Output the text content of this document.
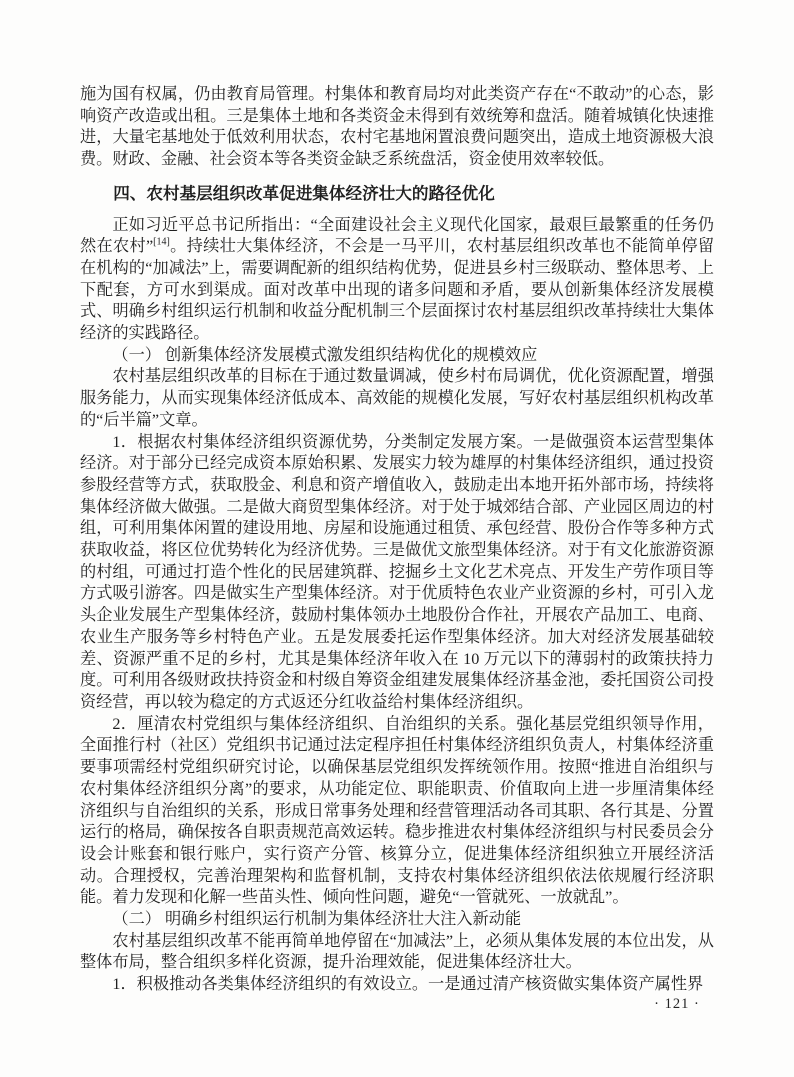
施为国有权属，仍由教育局管理。村集体和教育局均对此类资产存在“不敢动”的心态，影响资产改造或出租。三是集体土地和各类资金未得到有效统筹和盘活。随着城镇化快速推进，大量宅基地处于低效利用状态，农村宅基地闲置浪费问题突出，造成土地资源极大浪费。财政、金融、社会资本等各类资金缺乏系统盘活，资金使用效率较低。

四、农村基层组织改革促进集体经济壮大的路径优化

正如习近平总书记所指出：“全面建设社会主义现代化国家，最艰巨最繁重的任务仍然在农村”[14]。持续壮大集体经济，不会是一马平川，农村基层组织改革也不能简单停留在机构的“加减法”上，需要调配新的组织结构优势，促进县乡村三级联动、整体思考、上下配套，方可水到渠成。面对改革中出现的诸多问题和矛盾，要从创新集体经济发展模式、明确乡村组织运行机制和收益分配机制三个层面探讨农村基层组织改革持续壮大集体经济的实践路径。

（一） 创新集体经济发展模式激发组织结构优化的规模效应

农村基层组织改革的目标在于通过数量调减，使乡村布局调优，优化资源配置，增强服务能力，从而实现集体经济低成本、高效能的规模化发展，写好农村基层组织机构改革的“后半篇”文章。

1．根据农村集体经济组织资源优势，分类制定发展方案。一是做强资本运营型集体经济。对于部分已经完成资本原始积累、发展实力较为雄厚的村集体经济组织，通过投资参股经营等方式，获取股金、利息和资产增值收入，鼓励走出本地开拓外部市场，持续将集体经济做大做强。二是做大商贸型集体经济。对于处于城郊结合部、产业园区周边的村组，可利用集体闲置的建设用地、房屋和设施通过租赁、承包经营、股份合作等多种方式获取收益，将区位优势转化为经济优势。三是做优文旅型集体经济。对于有文化旅游资源的村组，可通过打造个性化的民居建筑群、挖掘乡土文化艺术亮点、开发生产劳作项目等方式吸引游客。四是做实生产型集体经济。对于优质特色农业产业资源的乡村，可引入龙头企业发展生产型集体经济，鼓励村集体领办土地股份合作社，开展农产品加工、电商、农业生产服务等乡村特色产业。五是发展委托运作型集体经济。加大对经济发展基础较差、资源严重不足的乡村，尤其是集体经济年收入在 10 万元以下的薄弱村的政策扶持力度。可利用各级财政扶持资金和村级自筹资金组建发展集体经济基金池，委托国资公司投资经营，再以较为稳定的方式返还分红收益给村集体经济组织。

2．厘清农村党组织与集体经济组织、自治组织的关系。强化基层党组织领导作用，全面推行村（社区）党组织书记通过法定程序担任村集体经济组织负责人，村集体经济重要事项需经村党组织研究讨论，以确保基层党组织发挥统领作用。按照“推进自治组织与农村集体经济组织分离”的要求，从功能定位、职能职责、价值取向上进一步厘清集体经济组织与自治组织的关系，形成日常事务处理和经营管理活动各司其职、各行其是、分置运行的格局，确保按各自职责规范高效运转。稳步推进农村集体经济组织与村民委员会分设会计账套和银行账户，实行资产分管、核算分立，促进集体经济组织独立开展经济活动。合理授权，完善治理架构和监督机制，支持农村集体经济组织依法依规履行经济职能。着力发现和化解一些苗头性、倾向性问题，避免“一管就死、一放就乱”。

（二） 明确乡村组织运行机制为集体经济壮大注入新动能

农村基层组织改革不能再简单地停留在“加减法”上，必须从集体发展的本位出发，从整体布局，整合组织多样化资源，提升治理效能，促进集体经济壮大。

1．积极推动各类集体经济组织的有效设立。一是通过清产核资做实集体资产属性界

· 121 ·
